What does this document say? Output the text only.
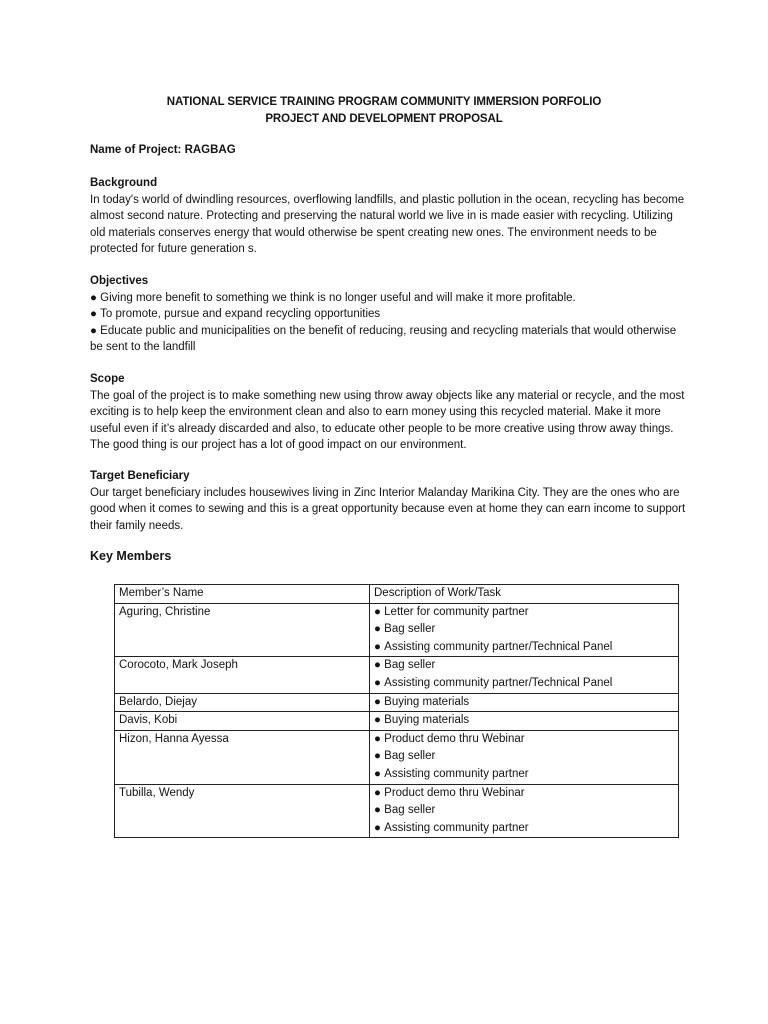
NATIONAL SERVICE TRAINING PROGRAM COMMUNITY IMMERSION PORFOLIO
PROJECT AND DEVELOPMENT PROPOSAL
Name of Project: RAGBAG
Background
In today's world of dwindling resources, overflowing landfills, and plastic pollution in the ocean, recycling has become
almost second nature. Protecting and preserving the natural world we live in is made easier with recycling. Utilizing
old materials conserves energy that would otherwise be spent creating new ones. The environment needs to be
protected for future generation s.
Objectives
● Giving more benefit to something we think is no longer useful and will make it more profitable.
● To promote, pursue and expand recycling opportunities
● Educate public and municipalities on the benefit of reducing, reusing and recycling materials that would otherwise
be sent to the landfill
Scope
The goal of the project is to make something new using throw away objects like any material or recycle, and the most
exciting is to help keep the environment clean and also to earn money using this recycled material. Make it more
useful even if it’s already discarded and also, to educate other people to be more creative using throw away things.
The good thing is our project has a lot of good impact on our environment.
Target Beneficiary
Our target beneficiary includes housewives living in Zinc Interior Malanday Marikina City. They are the ones who are
good when it comes to sewing and this is a great opportunity because even at home they can earn income to support
their family needs.
Key Members
Member’s Name	Description of Work/Task
Aguring, Christine	● Letter for community partner
● Bag seller
● Assisting community partner/Technical Panel

Corocoto, Mark Joseph	● Bag seller
● Assisting community partner/Technical Panel

Belardo, Diejay	● Buying materials

Davis, Kobi	● Buying materials

Hizon, Hanna Ayessa	● Product demo thru Webinar
● Bag seller
● Assisting community partner

Tubilla, Wendy	● Product demo thru Webinar
● Bag seller
● Assisting community partner
